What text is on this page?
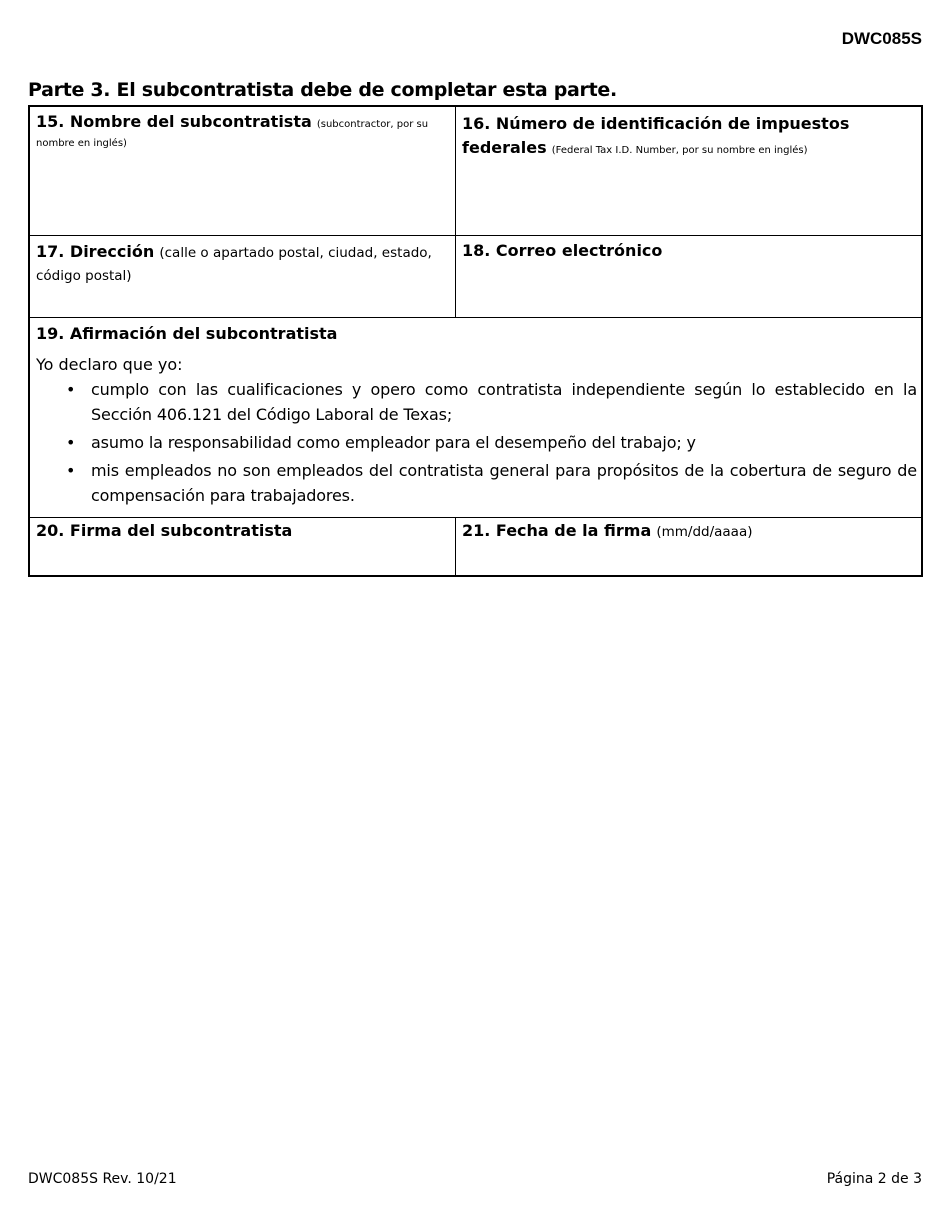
DWC085S
Parte 3. El subcontratista debe de completar esta parte.
15. Nombre del subcontratista (subcontractor, por su nombre en inglés)
16. Número de identificación de impuestos federales (Federal Tax I.D. Number, por su nombre en inglés)
17. Dirección (calle o apartado postal, ciudad, estado, código postal)
18. Correo electrónico
19. Afirmación del subcontratista
Yo declaro que yo:
• cumplo con las cualificaciones y opero como contratista independiente según lo establecido en la Sección 406.121 del Código Laboral de Texas;
• asumo la responsabilidad como empleador para el desempeño del trabajo; y
• mis empleados no son empleados del contratista general para propósitos de la cobertura de seguro de compensación para trabajadores.
20. Firma del subcontratista	21. Fecha de la firma (mm/dd/aaaa)
DWC085S Rev. 10/21	Página 2 de 3
